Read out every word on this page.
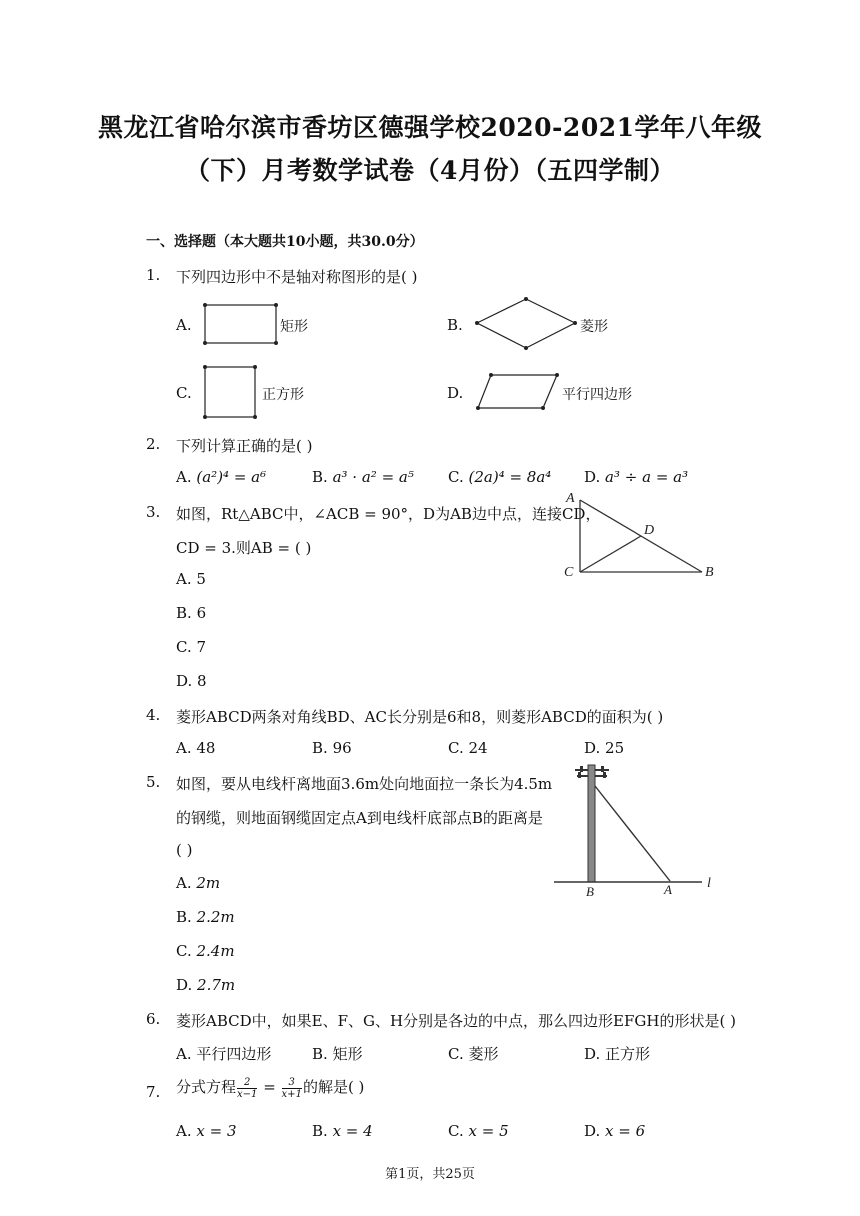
黑龙江省哈尔滨市香坊区德强学校2020-2021学年八年级
（下）月考数学试卷（4月份）（五四学制）
一、选择题（本大题共10小题，共30.0分）
1. 下列四边形中不是轴对称图形的是( )
A.	矩形	B.	菱形
C.	正方形	D.	平行四边形
2. 下列计算正确的是( )
A. (a²)⁴ = a⁶	B. a³ · a² = a⁵ C. (2a)⁴ = 8a⁴ D. a³ ÷ a = a³
3. 如图，Rt△ABC中，∠ACB = 90°，D为AB边中点，连接CD，
CD = 3.则AB = ( )
A. 5
B. 6
C. 7
D. 8
A
D
C	B
4. 菱形ABCD两条对角线BD、AC长分别是6和8，则菱形ABCD的面积为( )
A. 48	B. 96	C. 24	D. 25
5. 如图，要从电线杆离地面3.6m处向地面拉一条长为4.5m
的钢缆，则地面钢缆固定点A到电线杆底部点B的距离是
( )
A. 2m
B. 2.2m
C. 2.4m
D. 2.7m
B	A	l
6. 菱形ABCD中，如果E、F、G、H分别是各边的中点，那么四边形EFGH的形状是( )
A. 平行四边形	B. 矩形	C. 菱形	D. 正方形
7. 分式方程 $\frac{2}{x-1} = \frac{3}{x+1}$ 的解是( )
A. x = 3	B. x = 4	C. x = 5	D. x = 6
第1页，共25页
